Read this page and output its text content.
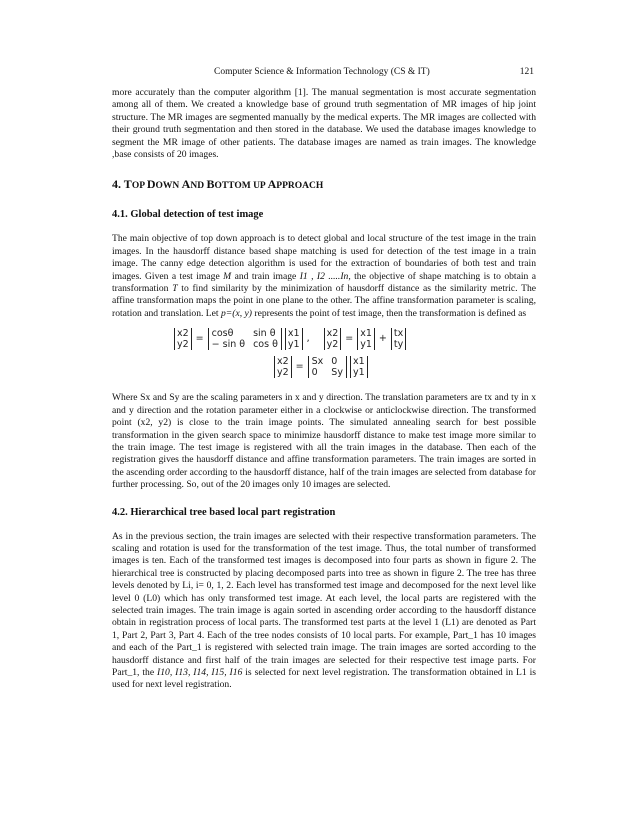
Computer Science & Information Technology (CS & IT)	121

more accurately than the computer algorithm [1]. The manual segmentation is most accurate segmentation among all of them. We created a knowledge base of ground truth segmentation of MR images of hip joint structure. The MR images are segmented manually by the medical experts. The MR images are collected with their ground truth segmentation and then stored in the database. We used the database images knowledge to segment the MR image of other patients. The database images are named as train images. The knowledge ,base consists of 20 images.

4. TOP DOWN AND BOTTOM UP APPROACH
4.1. Global detection of test image

The main objective of top down approach is to detect global and local structure of the test image in the train images. In the hausdorff distance based shape matching is used for detection of the test image in a train image. The canny edge detection algorithm is used for the extraction of boundaries of both test and train images. Given a test image M and train image I1 , I2 .....In, the objective of shape matching is to obtain a transformation T to find similarity by the minimization of hausdorff distance as the similarity metric. The affine transformation maps the point in one plane to the other. The affine transformation parameter is scaling, rotation and translation. Let p=(x, y) represents the point of test image, then the transformation is defined as

x2
y2
= cosθ	sin θ
− sin θ cos θ
x1
y1
,	x2
y2
= x1
y1
+ tx
ty
x2
y2
= Sx 0
0	Sy
x1
y1

Where Sx and Sy are the scaling parameters in x and y direction. The translation parameters are tx and ty in x and y direction and the rotation parameter either in a clockwise or anticlockwise direction. The transformed point (x2, y2) is close to the train image points. The simulated annealing search for best possible transformation in the given search space to minimize hausdorff distance to make test image more similar to the train image. The test image is registered with all the train images in the database. Then each of the registration gives the hausdorff distance and affine transformation parameters. The train images are sorted in the ascending order according to the hausdorff distance, half of the train images are selected from database for further processing. So, out of the 20 images only 10 images are selected.

4.2. Hierarchical tree based local part registration

As in the previous section, the train images are selected with their respective transformation parameters. The scaling and rotation is used for the transformation of the test image. Thus, the total number of transformed images is ten. Each of the transformed test images is decomposed into four parts as shown in figure 2. The hierarchical tree is constructed by placing decomposed parts into tree as shown in figure 2. The tree has three levels denoted by Li, i= 0, 1, 2. Each level has transformed test image and decomposed for the next level like level 0 (L0) which has only transformed test image. At each level, the local parts are registered with the selected train images. The train image is again sorted in ascending order according to the hausdorff distance obtain in registration process of local parts. The transformed test parts at the level 1 (L1) are denoted as Part 1, Part 2, Part 3, Part 4. Each of the tree nodes consists of 10 local parts. For example, Part_1 has 10 images and each of the Part_1 is registered with selected train image. The train images are sorted according to the hausdorff distance and first half of the train images are selected for their respective test image parts. For Part_1, the I10, I13, I14, I15, I16 is selected for next level registration. The transformation obtained in L1 is used for next level registration.
